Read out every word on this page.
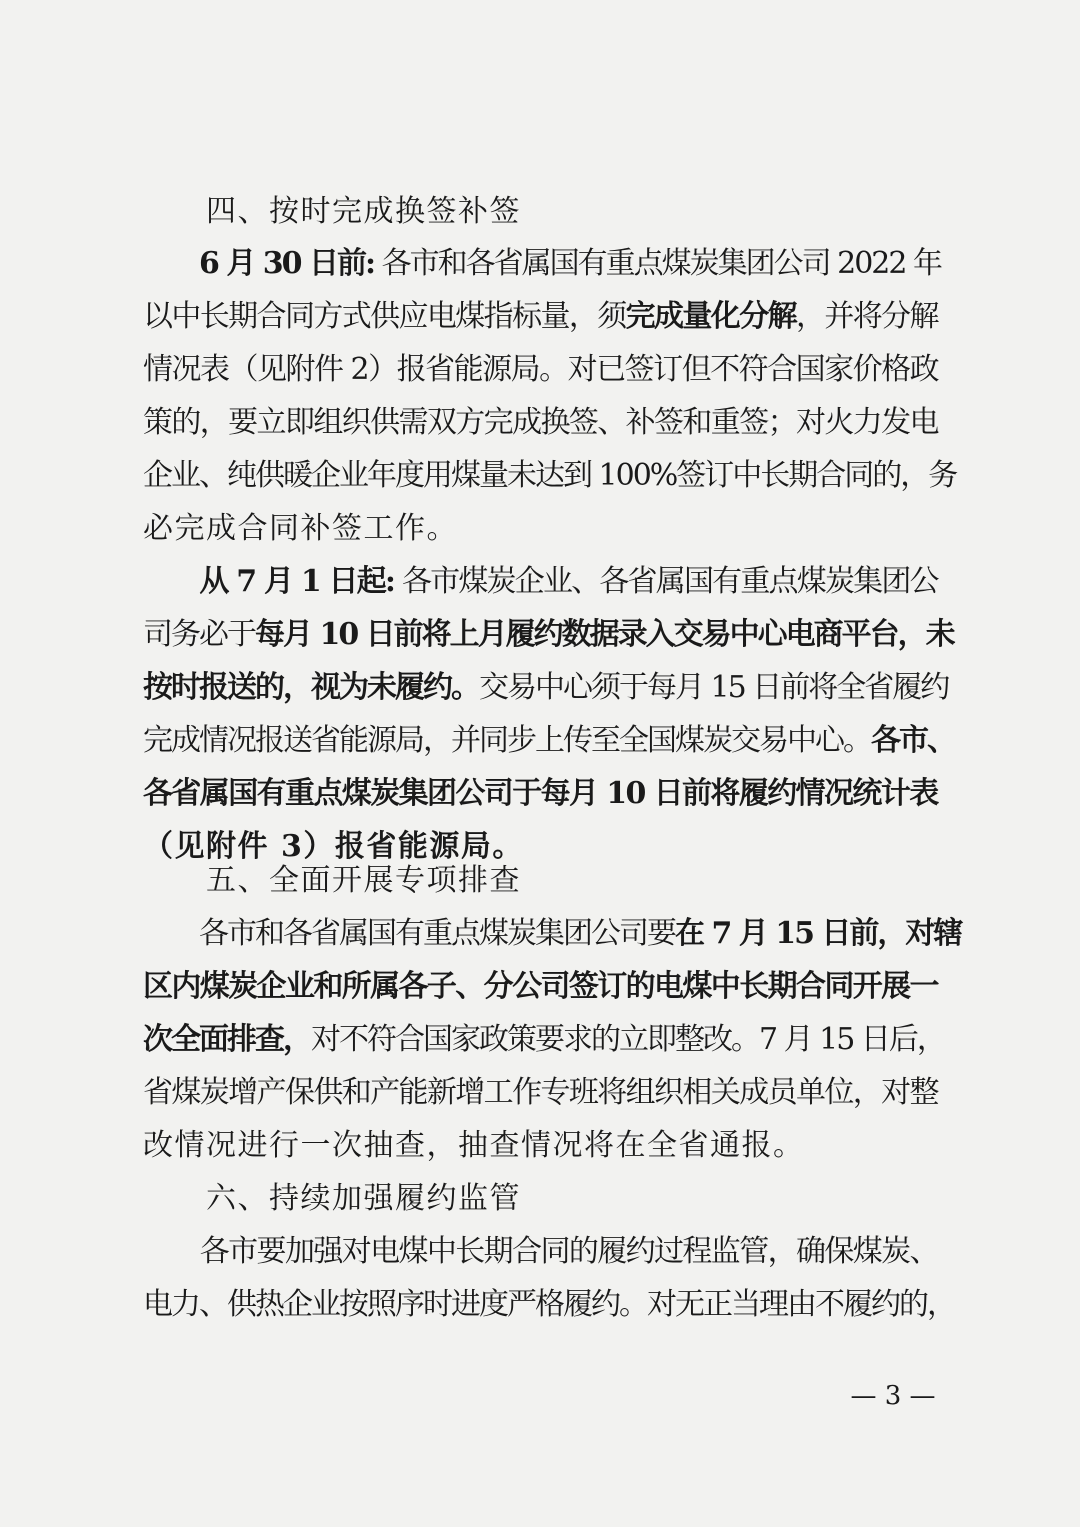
　　四、按时完成换签补签
　　6 月 30 日前: 各市和各省属国有重点煤炭集团公司 2022 年
以中长期合同方式供应电煤指标量，须完成量化分解，并将分解
情况表（见附件 2）报省能源局。对已签订但不符合国家价格政
策的，要立即组织供需双方完成换签、补签和重签；对火力发电
企业、纯供暖企业年度用煤量未达到 100%签订中长期合同的，务
必完成合同补签工作。
　　从 7 月 1 日起: 各市煤炭企业、各省属国有重点煤炭集团公
司务必于每月 10 日前将上月履约数据录入交易中心电商平台，未
按时报送的，视为未履约。交易中心须于每月 15 日前将全省履约
完成情况报送省能源局，并同步上传至全国煤炭交易中心。各市、
各省属国有重点煤炭集团公司于每月 10 日前将履约情况统计表
（见附件 3）报省能源局。
　　五、全面开展专项排查
　　各市和各省属国有重点煤炭集团公司要在 7 月 15 日前，对辖
区内煤炭企业和所属各子、分公司签订的电煤中长期合同开展一
次全面排查，对不符合国家政策要求的立即整改。7 月 15 日后，
省煤炭增产保供和产能新增工作专班将组织相关成员单位，对整
改情况进行一次抽查，抽查情况将在全省通报。
　　六、持续加强履约监管
　　各市要加强对电煤中长期合同的履约过程监管，确保煤炭、
电力、供热企业按照序时进度严格履约。对无正当理由不履约的，
— 3 —
